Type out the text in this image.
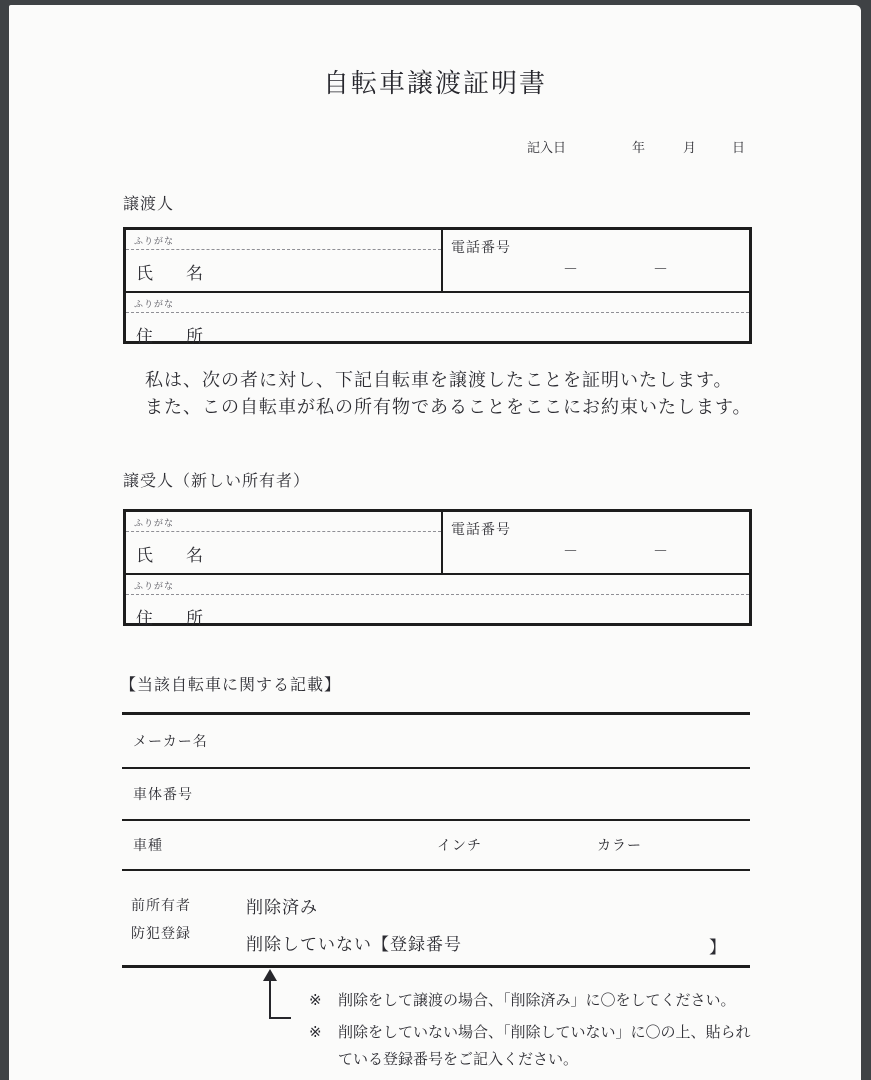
自転車譲渡証明書
記入日	年	月	日
譲渡人
ふりがな
氏　名
電話番号
－	－
ふりがな
住　所
私は、次の者に対し、下記自転車を譲渡したことを証明いたします。
また、この自転車が私の所有物であることをここにお約束いたします。
譲受人（新しい所有者）
ふりがな
氏　名
電話番号
－	－
ふりがな
住　所
【当該自転車に関する記載】
メーカー名
車体番号
車種	インチ	カラー
前所有者
防犯登録
削除済み
削除していない【登録番号	】
※ 削除をして譲渡の場合、「削除済み」に〇をしてください。
※ 削除をしていない場合、「削除していない」に〇の上、貼られ
ている登録番号をご記入ください。
